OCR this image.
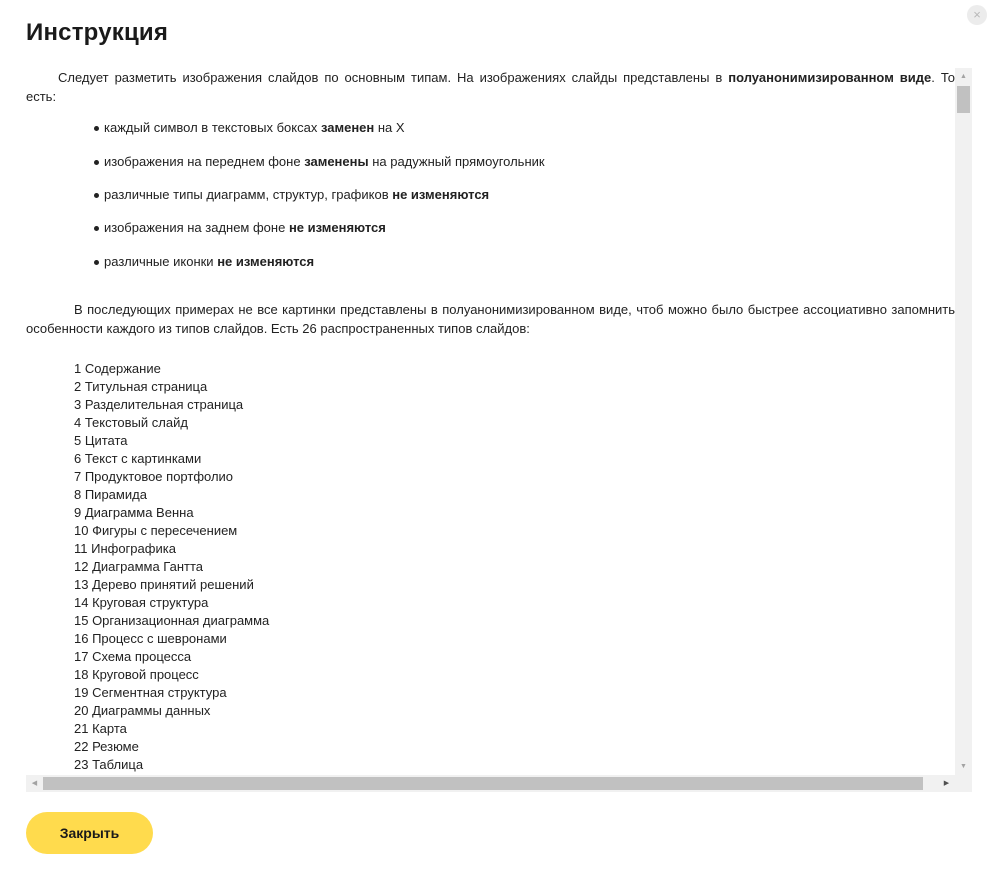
×
Инструкция

Следует разметить изображения слайдов по основным типам. На изображениях слайды представлены в полуанонимизированном виде. То есть:

каждый символ в текстовых боксах заменен на X
изображения на переднем фоне заменены на радужный прямоугольник
различные типы диаграмм, структур, графиков не изменяются
изображения на заднем фоне не изменяются
различные иконки не изменяются

В последующих примерах не все картинки представлены в полуанонимизированном виде, чтоб можно было быстрее ассоциативно запомнить особенности каждого из типов слайдов. Есть 26 распространенных типов слайдов:

1 Содержание
2 Титульная страница
3 Разделительная страница
4 Текстовый слайд
5 Цитата
6 Текст с картинками
7 Продуктовое портфолио
8 Пирамида
9 Диаграмма Венна
10 Фигуры с пересечением
11 Инфографика
12 Диаграмма Гантта
13 Дерево принятий решений
14 Круговая структура
15 Организационная диаграмма
16 Процесс с шевронами
17 Схема процесса
18 Круговой процесс
19 Сегментная структура
20 Диаграммы данных
21 Карта
22 Резюме
23 Таблица
▲
▼
◀	▶
Закрыть
